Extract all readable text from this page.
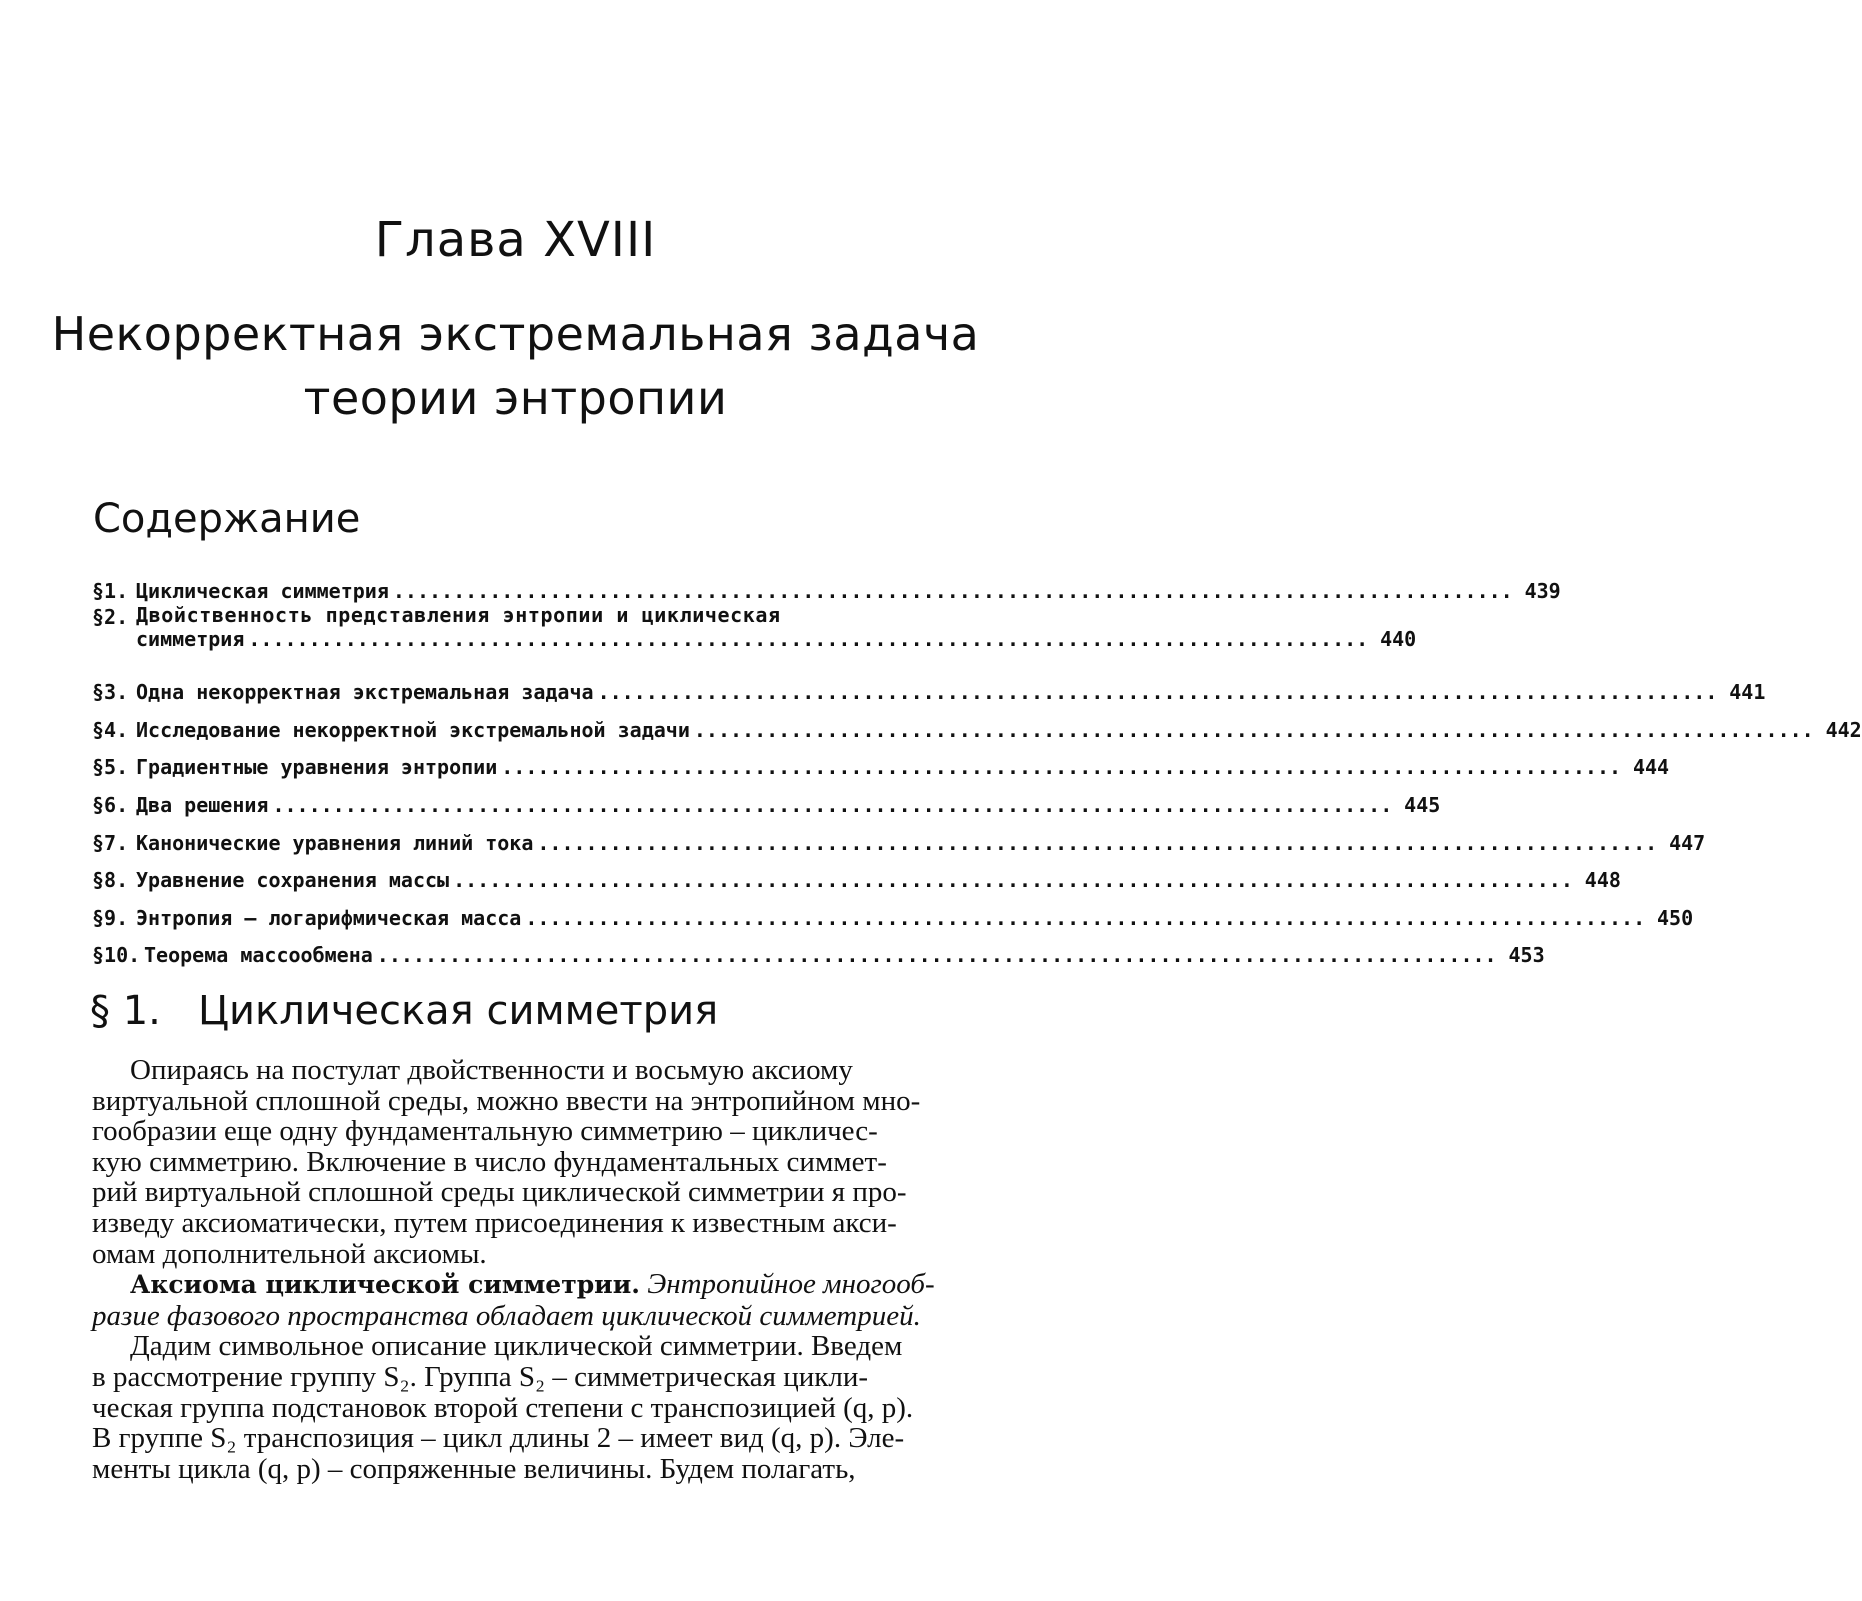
Глава XVIII
Некорректная экстремальная задача
теории энтропии
Содержание
§1. Циклическая симметрия ............................................................................................. 439
§2. Двойственность представления энтропии и циклическая
симметрия ............................................................................................. 440
§3. Одна некорректная экстремальная задача ............................................................................................. 441
§4. Исследование некорректной экстремальной задачи ............................................................................................. 442
§5. Градиентные уравнения энтропии ............................................................................................. 444
§6. Два решения ............................................................................................. 445
§7. Канонические уравнения линий тока ............................................................................................. 447
§8. Уравнение сохранения массы ............................................................................................. 448
§9. Энтропия – логарифмическая масса ............................................................................................. 450
§10. Теорема массообмена ............................................................................................. 453
§ 1. Циклическая симметрия
Опираясь на постулат двойственности и восьмую аксиому
виртуальной сплошной среды, можно ввести на энтропийном мно-
гообразии еще одну фундаментальную симметрию – цикличес-
кую симметрию. Включение в число фундаментальных симмет-
рий виртуальной сплошной среды циклической симметрии я про-
изведу аксиоматически, путем присоединения к известным акси-
омам дополнительной аксиомы.
Аксиома циклической симметрии. Энтропийное многооб-
разие фазового пространства обладает циклической симметрией.
Дадим символьное описание циклической симметрии. Введем
в рассмотрение группу S₂. Группа S₂ – симметрическая цикли-
ческая группа подстановок второй степени с транспозицией (q, p).
В группе S₂ транспозиция – цикл длины 2 – имеет вид (q, p). Эле-
менты цикла (q, p) – сопряженные величины. Будем полагать,
